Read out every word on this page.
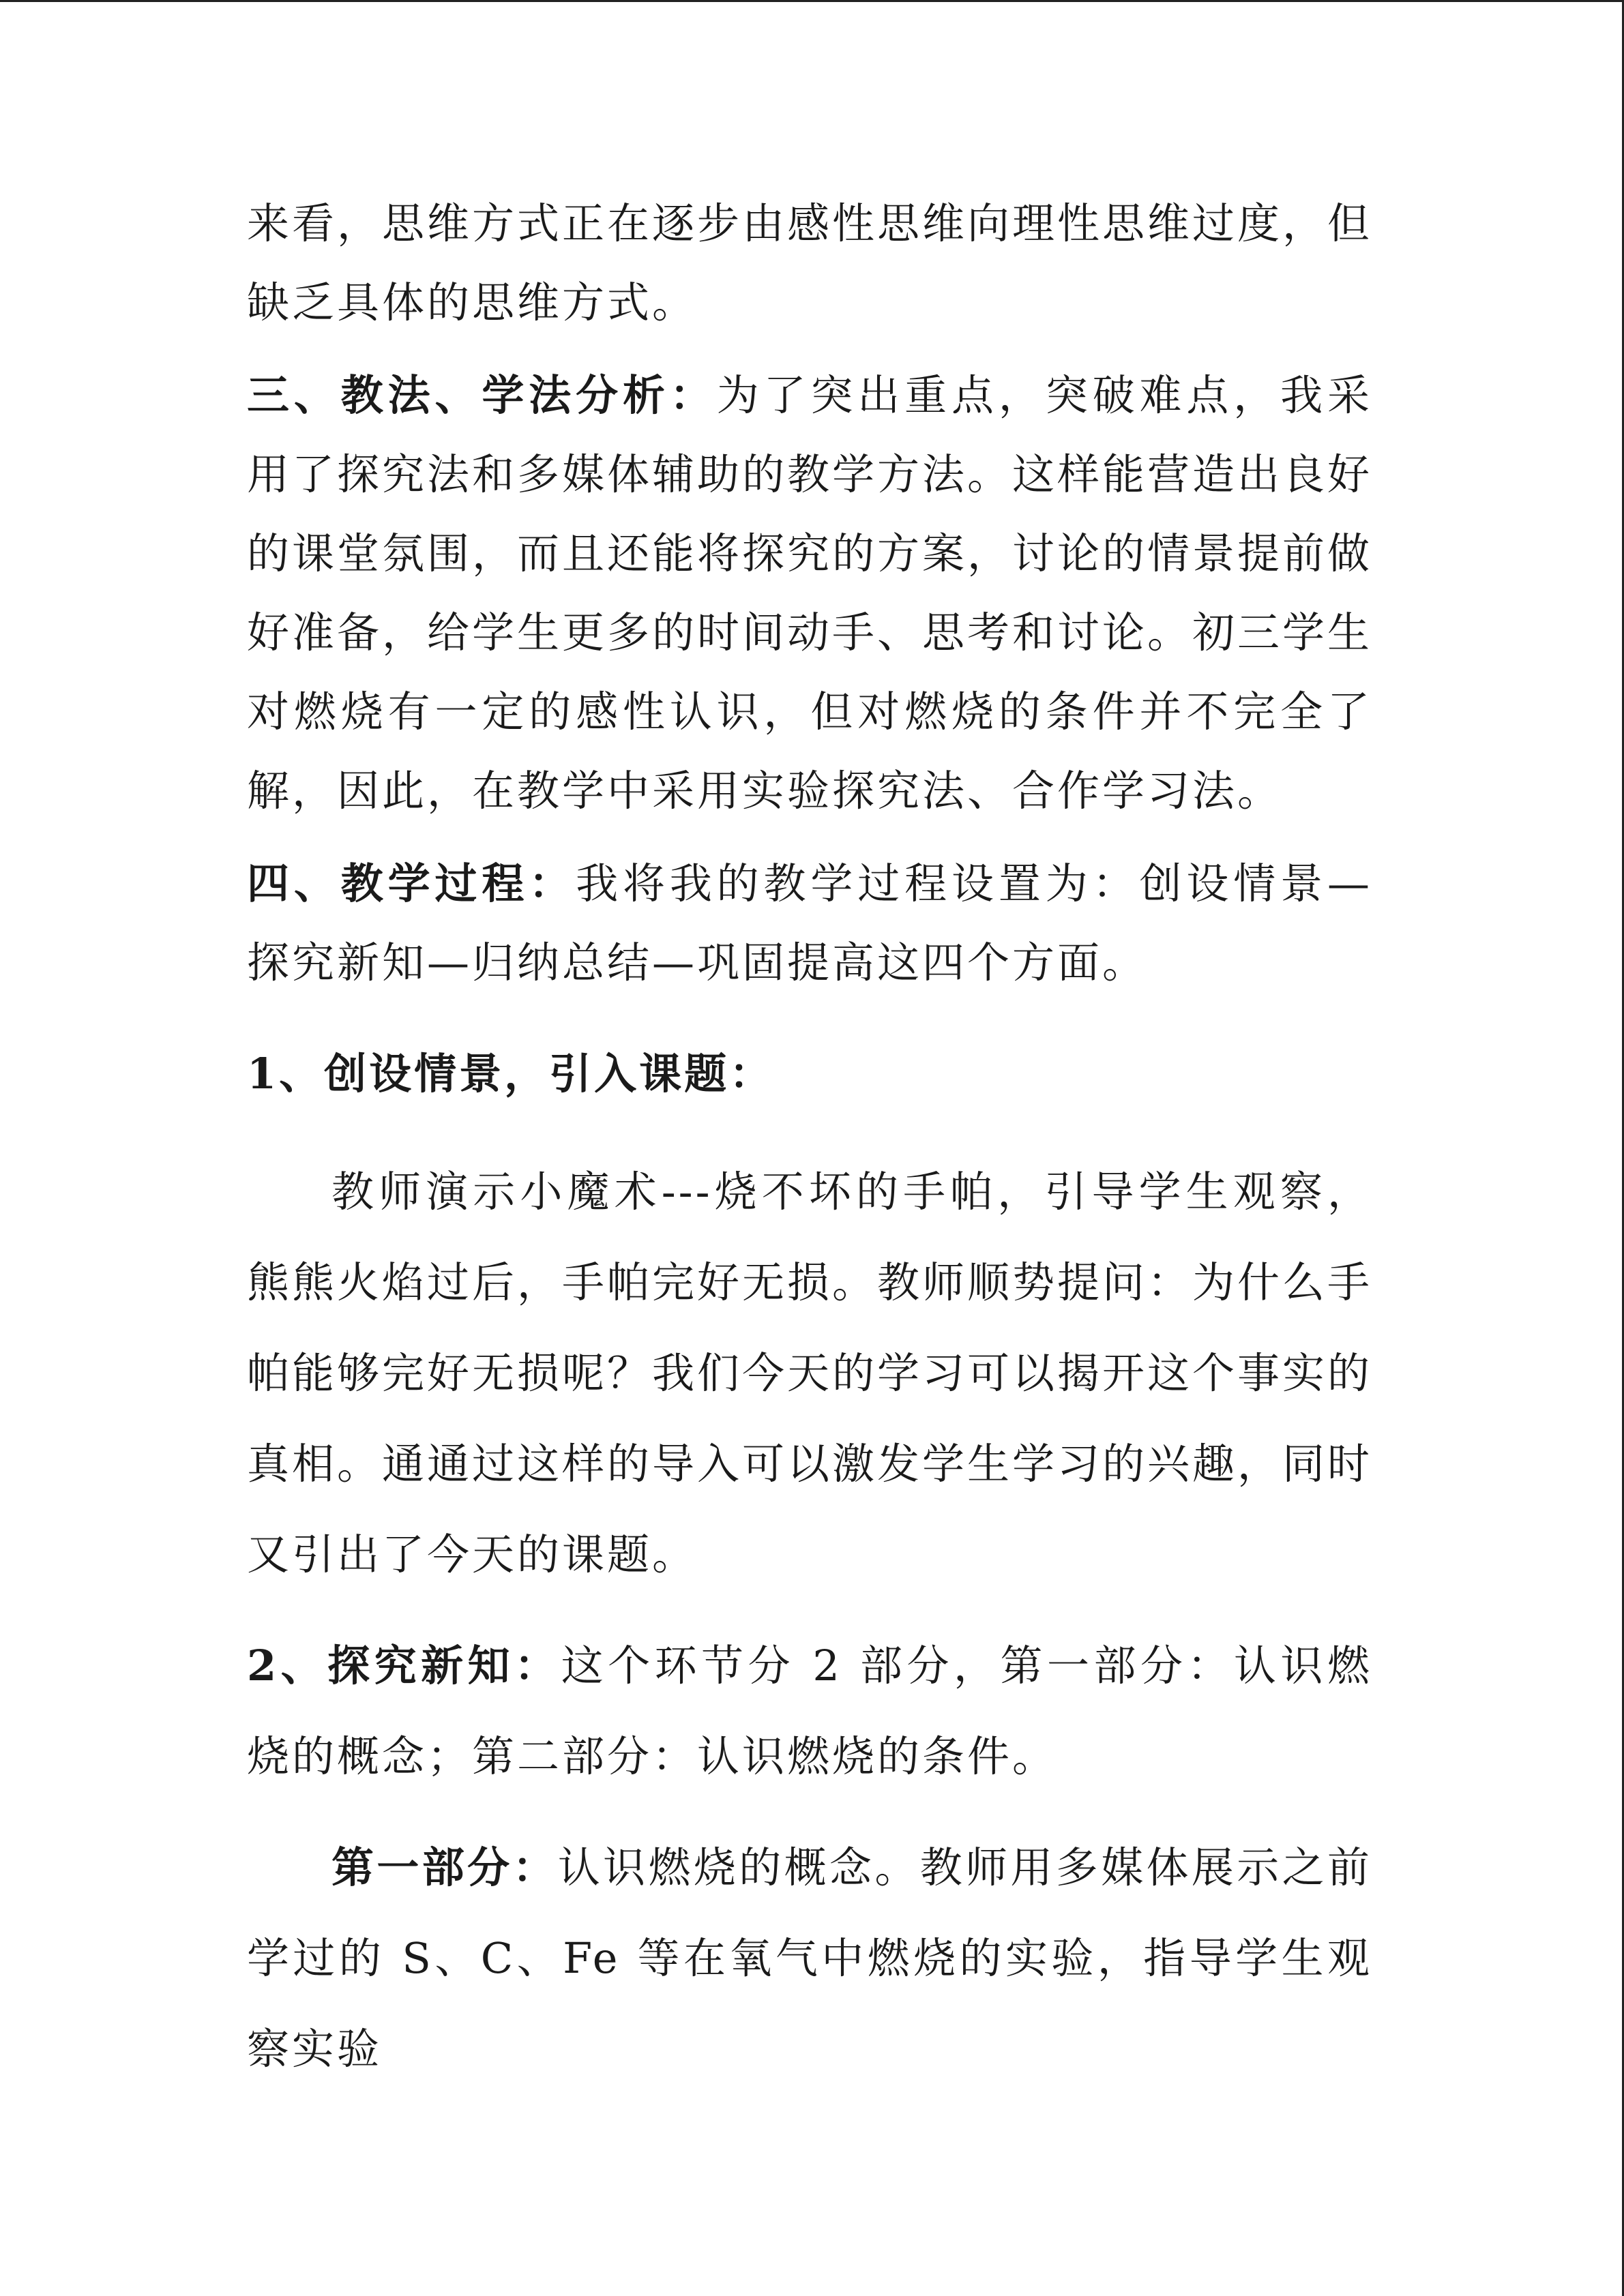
来看，思维方式正在逐步由感性思维向理性思维过度，但缺乏具体的思维方式。

三、教法、学法分析：为了突出重点，突破难点，我采用了探究法和多媒体辅助的教学方法。这样能营造出良好的课堂氛围，而且还能将探究的方案，讨论的情景提前做好准备，给学生更多的时间动手、思考和讨论。初三学生对燃烧有一定的感性认识，但对燃烧的条件并不完全了解，因此，在教学中采用实验探究法、合作学习法。

四、教学过程：我将我的教学过程设置为：创设情景—探究新知—归纳总结—巩固提高这四个方面。

1、创设情景，引入课题：

教师演示小魔术---烧不坏的手帕，引导学生观察，熊熊火焰过后，手帕完好无损。教师顺势提问：为什么手帕能够完好无损呢？我们今天的学习可以揭开这个事实的真相。通通过这样的导入可以激发学生学习的兴趣，同时又引出了今天的课题。

2、探究新知：这个环节分 2 部分，第一部分：认识燃烧的概念；第二部分：认识燃烧的条件。

第一部分：认识燃烧的概念。教师用多媒体展示之前学过的 S、C、Fe 等在氧气中燃烧的实验，指导学生观察实验
